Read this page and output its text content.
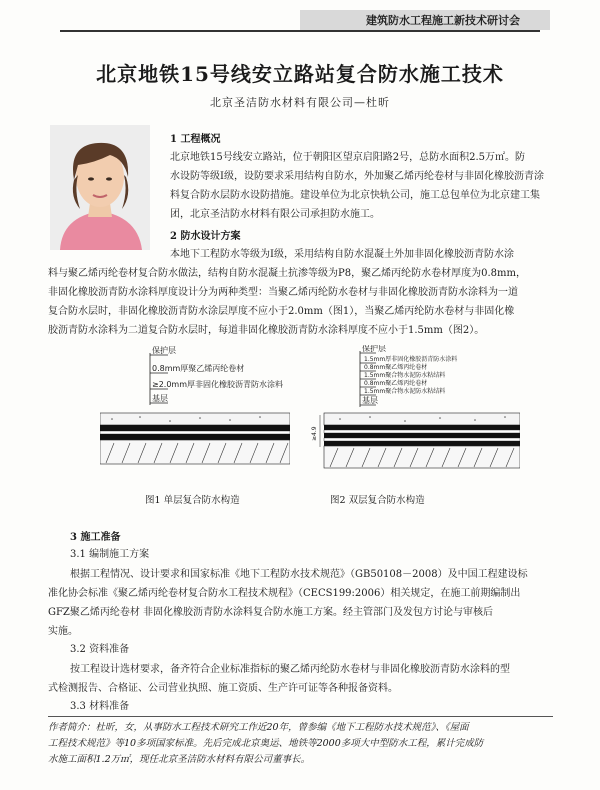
建筑防水工程施工新技术研讨会
北京地铁15号线安立路站复合防水施工技术
北京圣洁防水材料有限公司—杜昕
1 工程概况
北京地铁15号线安立路站，位于朝阳区望京启阳路2号，总防水面积2.5万㎡。防
水设防等级Ⅰ级，设防要求采用结构自防水，外加聚乙烯丙纶卷材与非固化橡胶沥青涂
料复合防水层防水设防措施。建设单位为北京快轨公司，施工总包单位为北京建工集
团，北京圣洁防水材料有限公司承担防水施工。
2 防水设计方案
本地下工程防水等级为Ⅰ级，采用结构自防水混凝土外加非固化橡胶沥青防水涂
料与聚乙烯丙纶卷材复合防水做法，结构自防水混凝土抗渗等级为P8，聚乙烯丙纶防水卷材厚度为0.8mm，
非固化橡胶沥青防水涂料厚度设计分为两种类型：当聚乙烯丙纶防水卷材与非固化橡胶沥青防水涂料为一道
复合防水层时，非固化橡胶沥青防水涂层厚度不应小于2.0mm（图1），当聚乙烯丙纶防水卷材与非固化橡
胶沥青防水涂料为二道复合防水层时，每道非固化橡胶沥青防水涂料厚度不应小于1.5mm（图2）。
保护层
0.8mm厚聚乙烯丙纶卷材
≥2.0mm厚非固化橡胶沥青防水涂料
基层
图1 单层复合防水构造
保护层
1.5mm厚非固化橡胶沥青防水涂料
0.8mm聚乙烯丙纶卷材
1.5mm聚合物水泥防水粘结料
0.8mm聚乙烯丙纶卷材
1.5mm聚合物水泥防水粘结料
基层
≥4.9
图2 双层复合防水构造
3 施工准备
3.1 编制施工方案
根据工程情况、设计要求和国家标准《地下工程防水技术规范》（GB50108－2008）及中国工程建设标
准化协会标准《聚乙烯丙纶卷材复合防水工程技术规程》（CECS199:2006）相关规定，在施工前期编制出
GFZ聚乙烯丙纶卷材 非固化橡胶沥青防水涂料复合防水施工方案。经主管部门及发包方讨论与审核后
实施。
3.2 资料准备
按工程设计选材要求，备齐符合企业标准指标的聚乙烯丙纶防水卷材与非固化橡胶沥青防水涂料的型
式检测报告、合格证、公司营业执照、施工资质、生产许可证等各种报备资料。
3.3 材料准备
作者简介：杜昕，女，从事防水工程技术研究工作近20年，曾参编《地下工程防水技术规范》、《屋面
工程技术规范》等10多项国家标准。先后完成北京奥运、地铁等2000多项大中型防水工程，累计完成防
水施工面积1.2万㎡，现任北京圣洁防水材料有限公司董事长。
